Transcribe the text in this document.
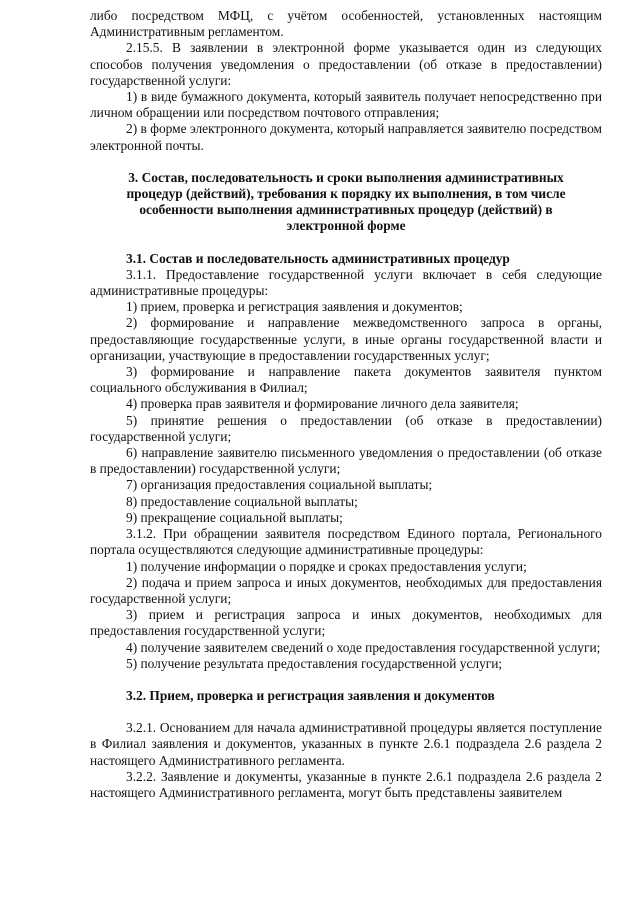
либо посредством МФЦ, с учётом особенностей, установленных настоящим Административным регламентом.

2.15.5. В заявлении в электронной форме указывается один из следующих способов получения уведомления о предоставлении (об отказе в предоставлении) государственной услуги:

1) в виде бумажного документа, который заявитель получает непосредственно при личном обращении или посредством почтового отправления;

2) в форме электронного документа, который направляется заявителю посредством электронной почты.

3. Состав, последовательность и сроки выполнения административных процедур (действий), требования к порядку их выполнения, в том числе особенности выполнения административных процедур (действий) в электронной форме

3.1. Состав и последовательность административных процедур

3.1.1. Предоставление государственной услуги включает в себя следующие административные процедуры:

1) прием, проверка и регистрация заявления и документов;

2) формирование и направление межведомственного запроса в органы, предоставляющие государственные услуги, в иные органы государственной власти и организации, участвующие в предоставлении государственных услуг;

3) формирование и направление пакета документов заявителя пунктом социального обслуживания в Филиал;

4) проверка прав заявителя и формирование личного дела заявителя;

5) принятие решения о предоставлении (об отказе в предоставлении) государственной услуги;

6) направление заявителю письменного уведомления о предоставлении (об отказе в предоставлении) государственной услуги;

7) организация предоставления социальной выплаты;

8) предоставление социальной выплаты;

9) прекращение социальной выплаты;

3.1.2. При обращении заявителя посредством Единого портала, Регионального портала осуществляются следующие административные процедуры:

1) получение информации о порядке и сроках предоставления услуги;

2) подача и прием запроса и иных документов, необходимых для предоставления государственной услуги;

3) прием и регистрация запроса и иных документов, необходимых для предоставления государственной услуги;

4) получение заявителем сведений о ходе предоставления государственной услуги;

5) получение результата предоставления государственной услуги;

3.2. Прием, проверка и регистрация заявления и документов

3.2.1. Основанием для начала административной процедуры является поступление в Филиал заявления и документов, указанных в пункте 2.6.1 подраздела 2.6 раздела 2 настоящего Административного регламента.

3.2.2. Заявление и документы, указанные в пункте 2.6.1 подраздела 2.6 раздела 2 настоящего Административного регламента, могут быть представлены заявителем
